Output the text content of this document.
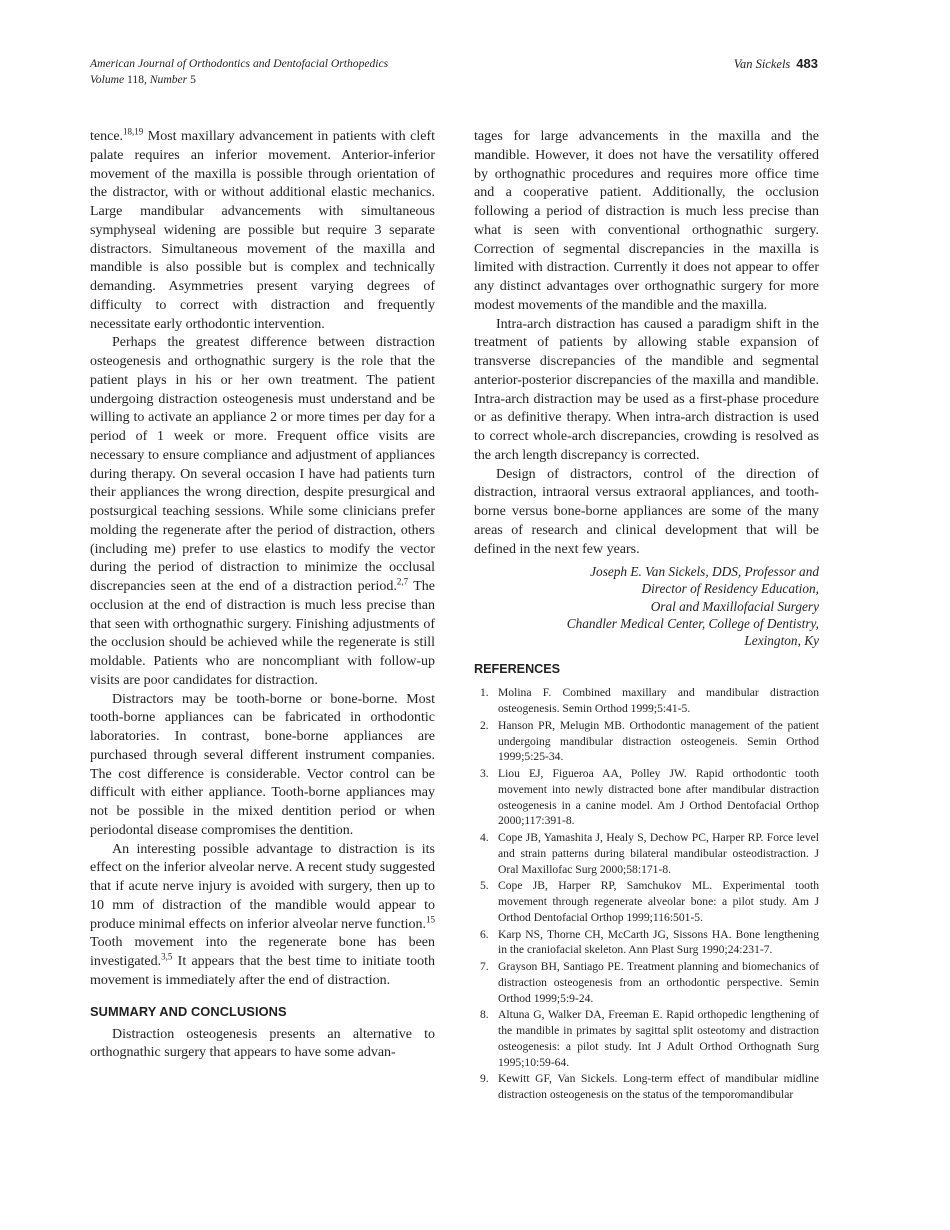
American Journal of Orthodontics and Dentofacial Orthopedics
Volume 118, Number 5
Van Sickels 483

tence.$^{18,19}$ Most maxillary advancement in patients with cleft palate requires an inferior movement. Anterior-inferior movement of the maxilla is possible through orientation of the distractor, with or without additional elastic mechanics. Large mandibular advancements with simultaneous symphyseal widening are possible but require 3 separate distractors. Simultaneous movement of the maxilla and mandible is also possible but is complex and technically demanding. Asymmetries present varying degrees of difficulty to correct with distraction and frequently necessitate early orthodontic intervention.

Perhaps the greatest difference between distraction osteogenesis and orthognathic surgery is the role that the patient plays in his or her own treatment. The patient undergoing distraction osteogenesis must understand and be willing to activate an appliance 2 or more times per day for a period of 1 week or more. Frequent office visits are necessary to ensure compliance and adjustment of appliances during therapy. On several occasion I have had patients turn their appliances the wrong direction, despite presurgical and postsurgical teaching sessions. While some clinicians prefer molding the regenerate after the period of distraction, others (including me) prefer to use elastics to modify the vector during the period of distraction to minimize the occlusal discrepancies seen at the end of a distraction period.$^{2,7}$ The occlusion at the end of distraction is much less precise than that seen with orthognathic surgery. Finishing adjustments of the occlusion should be achieved while the regenerate is still moldable. Patients who are noncompliant with follow-up visits are poor candidates for distraction.

Distractors may be tooth-borne or bone-borne. Most tooth-borne appliances can be fabricated in orthodontic laboratories. In contrast, bone-borne appliances are purchased through several different instrument companies. The cost difference is considerable. Vector control can be difficult with either appliance. Tooth-borne appliances may not be possible in the mixed dentition period or when periodontal disease compromises the dentition.

An interesting possible advantage to distraction is its effect on the inferior alveolar nerve. A recent study suggested that if acute nerve injury is avoided with surgery, then up to 10 mm of distraction of the mandible would appear to produce minimal effects on inferior alveolar nerve function.$^{15}$ Tooth movement into the regenerate bone has been investigated.$^{3,5}$ It appears that the best time to initiate tooth movement is immediately after the end of distraction.

SUMMARY AND CONCLUSIONS

Distraction osteogenesis presents an alternative to orthognathic surgery that appears to have some advan-

tages for large advancements in the maxilla and the mandible. However, it does not have the versatility offered by orthognathic procedures and requires more office time and a cooperative patient. Additionally, the occlusion following a period of distraction is much less precise than what is seen with conventional orthognathic surgery. Correction of segmental discrepancies in the maxilla is limited with distraction. Currently it does not appear to offer any distinct advantages over orthognathic surgery for more modest movements of the mandible and the maxilla.

Intra-arch distraction has caused a paradigm shift in the treatment of patients by allowing stable expansion of transverse discrepancies of the mandible and segmental anterior-posterior discrepancies of the maxilla and mandible. Intra-arch distraction may be used as a first-phase procedure or as definitive therapy. When intra-arch distraction is used to correct whole-arch discrepancies, crowding is resolved as the arch length discrepancy is corrected.

Design of distractors, control of the direction of distraction, intraoral versus extraoral appliances, and tooth-borne versus bone-borne appliances are some of the many areas of research and clinical development that will be defined in the next few years.

Joseph E. Van Sickels, DDS, Professor and
Director of Residency Education,
Oral and Maxillofacial Surgery
Chandler Medical Center, College of Dentistry,
Lexington, Ky
REFERENCES
1. Molina F. Combined maxillary and mandibular distraction osteogenesis. Semin Orthod 1999;5:41-5.
2. Hanson PR, Melugin MB. Orthodontic management of the patient undergoing mandibular distraction osteogeneis. Semin Orthod 1999;5:25-34.
3. Liou EJ, Figueroa AA, Polley JW. Rapid orthodontic tooth movement into newly distracted bone after mandibular distraction osteogenesis in a canine model. Am J Orthod Dentofacial Orthop 2000;117:391-8.
4. Cope JB, Yamashita J, Healy S, Dechow PC, Harper RP. Force level and strain patterns during bilateral mandibular osteodistraction. J Oral Maxillofac Surg 2000;58:171-8.
5. Cope JB, Harper RP, Samchukov ML. Experimental tooth movement through regenerate alveolar bone: a pilot study. Am J Orthod Dentofacial Orthop 1999;116:501-5.
6. Karp NS, Thorne CH, McCarth JG, Sissons HA. Bone lengthening in the craniofacial skeleton. Ann Plast Surg 1990;24:231-7.
7. Grayson BH, Santiago PE. Treatment planning and biomechanics of distraction osteogenesis from an orthodontic perspective. Semin Orthod 1999;5:9-24.
8. Altuna G, Walker DA, Freeman E. Rapid orthopedic lengthening of the mandible in primates by sagittal split osteotomy and distraction osteogenesis: a pilot study. Int J Adult Orthod Orthognath Surg 1995;10:59-64.
9. Kewitt GF, Van Sickels. Long-term effect of mandibular midline distraction osteogenesis on the status of the temporomandibular
